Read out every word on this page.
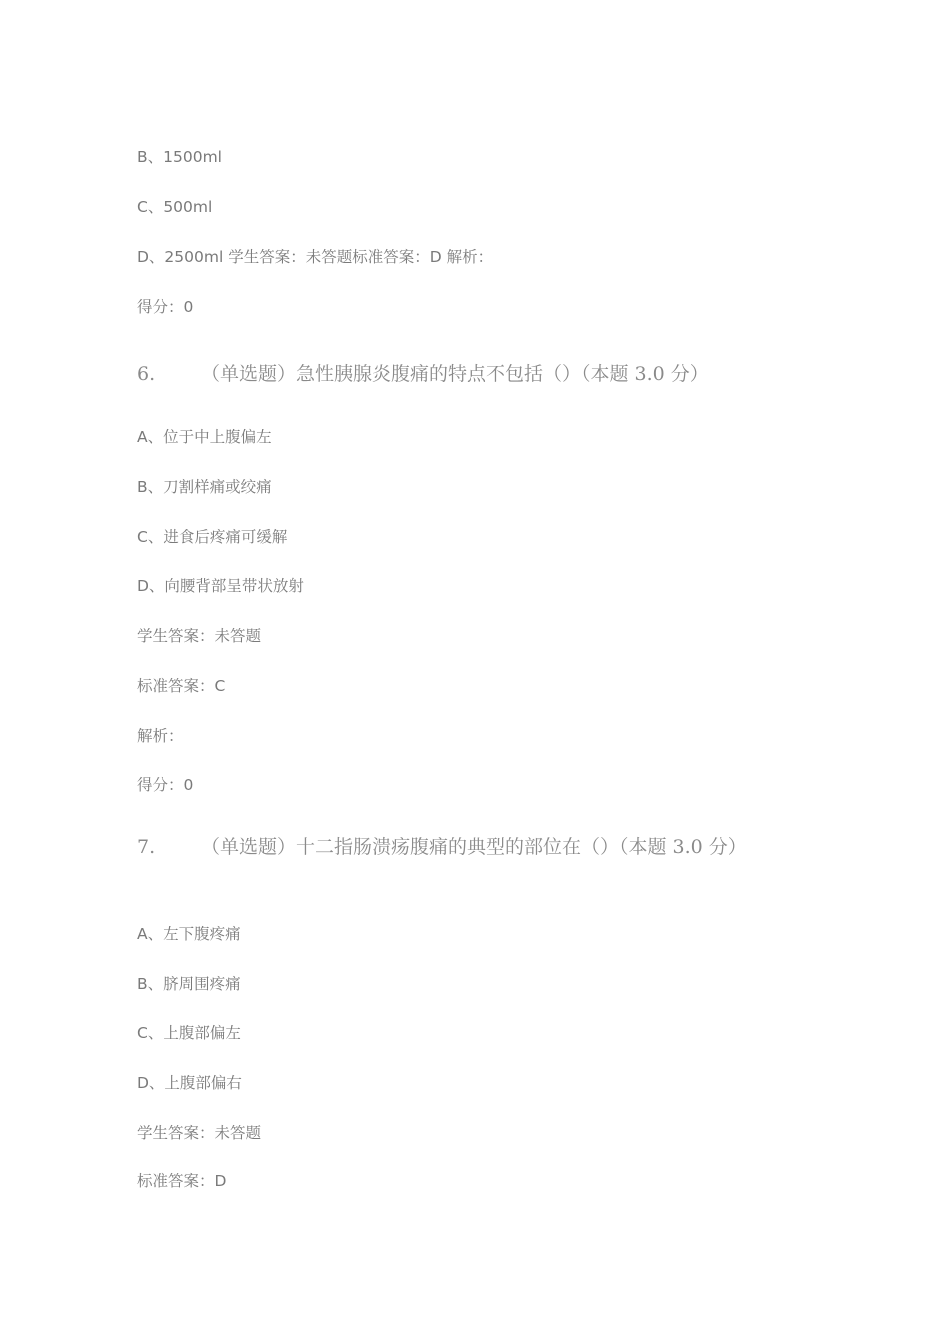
B、1500ml
C、500ml
D、2500ml 学生答案：未答题标准答案：D 解析：
得分：0
6. （单选题）急性胰腺炎腹痛的特点不包括（）（本题 3.0 分）
A、位于中上腹偏左
B、刀割样痛或绞痛
C、进食后疼痛可缓解
D、向腰背部呈带状放射
学生答案：未答题
标准答案：C
解析：
得分：0
7. （单选题）十二指肠溃疡腹痛的典型的部位在（）（本题 3.0 分）
A、左下腹疼痛
B、脐周围疼痛
C、上腹部偏左
D、上腹部偏右
学生答案：未答题
标准答案：D
